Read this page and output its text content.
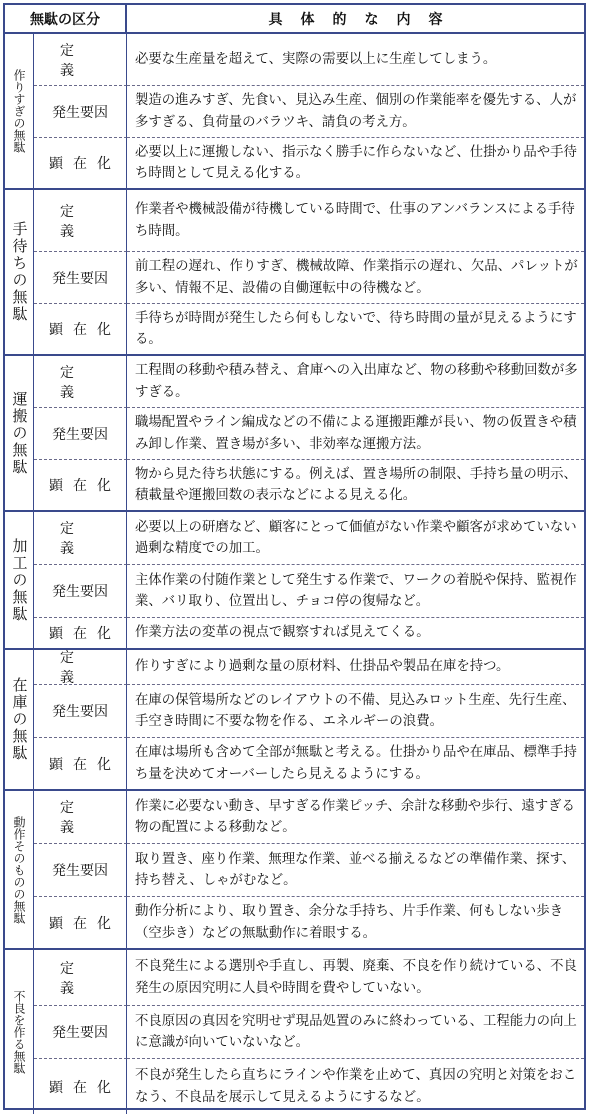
無駄の区分	具体的な内容
作りすぎの無駄
定義
必要な生産量を超えて、実際の需要以上に生産してしまう。
発生要因
製造の進みすぎ、先食い、見込み生産、個別の作業能率を優先する、人が多すぎる、負荷量のバラツキ、請負の考え方。
顕在化
必要以上に運搬しない、指示なく勝手に作らないなど、仕掛かり品や手待ち時間として見える化する。
手待ちの無駄
定義
作業者や機械設備が待機している時間で、仕事のアンバランスによる手待ち時間。
発生要因
前工程の遅れ、作りすぎ、機械故障、作業指示の遅れ、欠品、パレットが多い、情報不足、設備の自働運転中の待機など。
顕在化
手待ちが時間が発生したら何もしないで、待ち時間の量が見えるようにする。
運搬の無駄
定義
工程間の移動や積み替え、倉庫への入出庫など、物の移動や移動回数が多すぎる。
発生要因
職場配置やライン編成などの不備による運搬距離が長い、物の仮置きや積み卸し作業、置き場が多い、非効率な運搬方法。
顕在化
物から見た待ち状態にする。例えば、置き場所の制限、手持ち量の明示、積載量や運搬回数の表示などによる見える化。
加工の無駄
定義
必要以上の研磨など、顧客にとって価値がない作業や顧客が求めていない過剰な精度での加工。
発生要因
主体作業の付随作業として発生する作業で、ワークの着脱や保持、監視作業、バリ取り、位置出し、チョコ停の復帰など。
顕在化	作業方法の変革の視点で観察すれば見えてくる。
在庫の無駄
定義
作りすぎにより過剰な量の原材料、仕掛品や製品在庫を持つ。
発生要因
在庫の保管場所などのレイアウトの不備、見込みロット生産、先行生産、手空き時間に不要な物を作る、エネルギーの浪費。
顕在化
在庫は場所も含めて全部が無駄と考える。仕掛かり品や在庫品、標準手持ち量を決めてオーバーしたら見えるようにする。
動作そのものの無駄
定義
作業に必要ない動き、早すぎる作業ピッチ、余計な移動や歩行、遠すぎる物の配置による移動など。
発生要因
取り置き、座り作業、無理な作業、並べる揃えるなどの準備作業、探す、持ち替え、しゃがむなど。
顕在化
動作分析により、取り置き、余分な手持ち、片手作業、何もしない歩き（空歩き）などの無駄動作に着眼する。
不良を作る無駄
定義
不良発生による選別や手直し、再製、廃棄、不良を作り続けている、不良発生の原因究明に人員や時間を費やしていない。
発生要因
不良原因の真因を究明せず現品処置のみに終わっている、工程能力の向上に意識が向いていないなど。
顕在化
不良が発生したら直ちにラインや作業を止めて、真因の究明と対策をおこなう、不良品を展示して見えるようにするなど。
